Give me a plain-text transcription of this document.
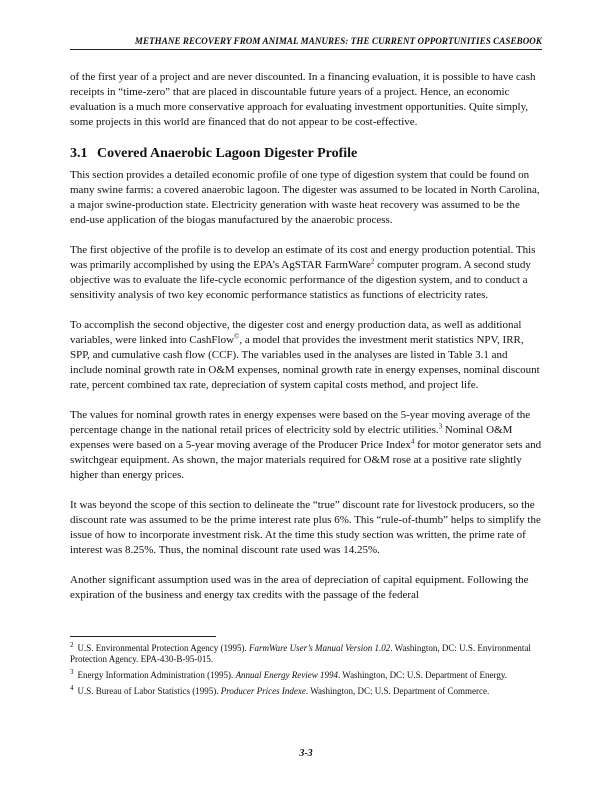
METHANE RECOVERY FROM ANIMAL MANURES: THE CURRENT OPPORTUNITIES CASEBOOK

of the first year of a project and are never discounted. In a financing evaluation, it is possible to have cash receipts in “time-zero” that are placed in discountable future years of a project. Hence, an economic evaluation is a much more conservative approach for evaluating investment opportunities. Quite simply, some projects in this world are financed that do not appear to be cost-effective.

3.1 Covered Anaerobic Lagoon Digester Profile

This section provides a detailed economic profile of one type of digestion system that could be found on many swine farms: a covered anaerobic lagoon. The digester was assumed to be located in North Carolina, a major swine-production state. Electricity generation with waste heat recovery was assumed to be the end-use application of the biogas manufactured by the anaerobic process.

The first objective of the profile is to develop an estimate of its cost and energy production potential. This was primarily accomplished by using the EPA’s AgSTAR FarmWare$^2$ computer program. A second study objective was to evaluate the life-cycle economic performance of the digestion system, and to conduct a sensitivity analysis of two key economic performance statistics as functions of electricity rates.

To accomplish the second objective, the digester cost and energy production data, as well as additional variables, were linked into CashFlow©, a model that provides the investment merit statistics NPV, IRR, SPP, and cumulative cash flow (CCF). The variables used in the analyses are listed in Table 3.1 and include nominal growth rate in O&M expenses, nominal growth rate in energy expenses, nominal discount rate, percent combined tax rate, depreciation of system capital costs method, and project life.

The values for nominal growth rates in energy expenses were based on the 5-year moving average of the percentage change in the national retail prices of electricity sold by electric utilities.$^3$ Nominal O&M expenses were based on a 5-year moving average of the Producer Price Index$^4$ for motor generator sets and switchgear equipment. As shown, the major materials required for O&M rose at a positive rate slightly higher than energy prices.

It was beyond the scope of this section to delineate the “true” discount rate for livestock producers, so the discount rate was assumed to be the prime interest rate plus 6%. This “rule-of-thumb” helps to simplify the issue of how to incorporate investment risk. At the time this study section was written, the prime rate of interest was 8.25%. Thus, the nominal discount rate used was 14.25%.

Another significant assumption used was in the area of depreciation of capital equipment. Following the expiration of the business and energy tax credits with the passage of the federal

$^2$ U.S. Environmental Protection Agency (1995). FarmWare User’s Manual Version 1.02. Washington, DC: U.S. Environmental Protection Agency. EPA-430-B-95-015.
$^3$ Energy Information Administration (1995). Annual Energy Review 1994. Washington, DC: U.S. Department of Energy.
$^4$ U.S. Bureau of Labor Statistics (1995). Producer Prices Indexe. Washington, DC: U.S. Department of Commerce.
3-3
